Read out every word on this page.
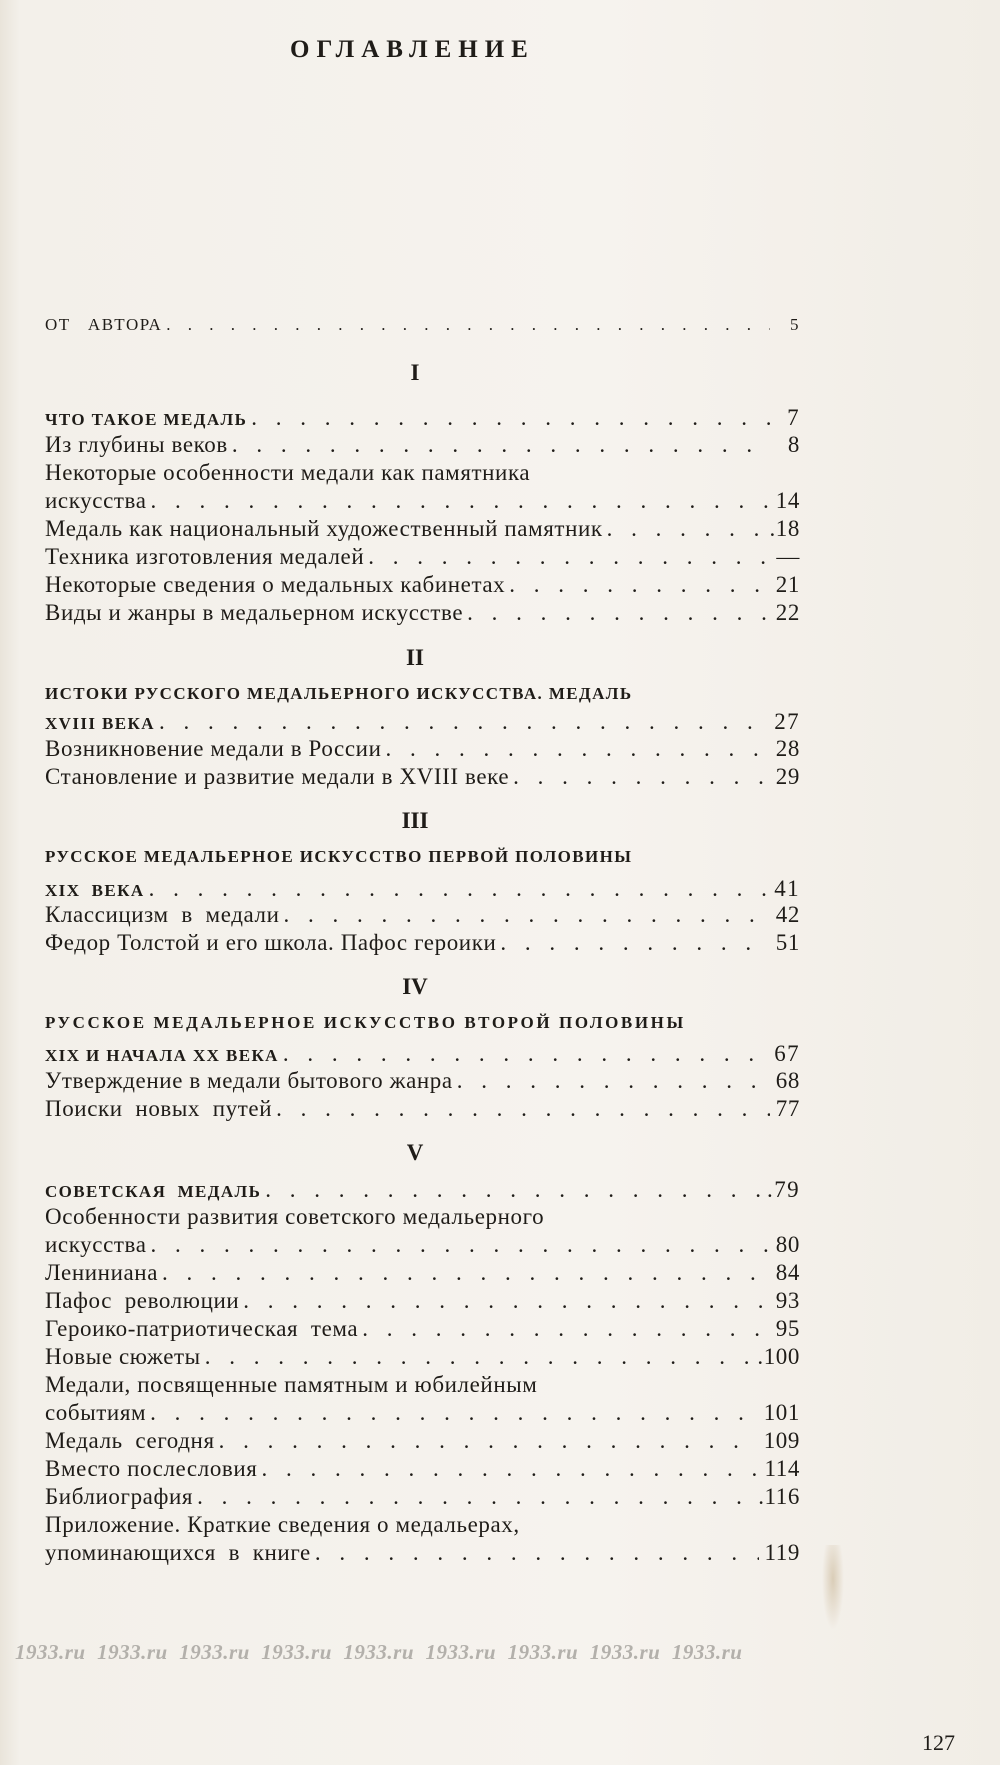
ОГЛАВЛЕНИЕ
ОТ   АВТОРА . . .	5
I
ЧТО ТАКОЕ МЕДАЛЬ . . .	7
Из глубины веков . . .	8
Некоторые особенности медали как памятника
искусства . . .	14
Медаль как национальный художественный памятник . . .	.18
Техника изготовления медалей . . .	—
Некоторые сведения о медальных кабинетах . . .	21
Виды и жанры в медальерном искусстве . . .	22
II
ИСТОКИ РУССКОГО МЕДАЛЬЕРНОГО ИСКУССТВА. МЕДАЛЬ
XVIII ВЕКА . . .	27
Возникновение медали в России . . .	28
Становление и развитие медали в XVIII веке . . .	29
III
РУССКОЕ МЕДАЛЬЕРНОЕ ИСКУССТВО ПЕРВОЙ ПОЛОВИНЫ
XIX  ВЕКА . . .	41
Классицизм  в  медали . . .	42
Федор Толстой и его школа. Пафос героики . . .	51
IV
РУССКОЕ МЕДАЛЬЕРНОЕ ИСКУССТВО ВТОРОЙ ПОЛОВИНЫ
XIX И НАЧАЛА XX ВЕКА . . .	67
Утверждение в медали бытового жанра . . .	68
Поиски  новых  путей . . .	77
V
СОВЕТСКАЯ  МЕДАЛЬ . . .	.79
Особенности развития советского медальерного
искусства . . .	80
Лениниана . . .	84
Пафос  революции . . .	93
Героико-патриотическая  тема . . .	95
Новые сюжеты . . .	.100
Медали, посвященные памятным и юбилейным
событиям . . .	101
Медаль  сегодня . . .	109
Вместо послесловия . . .	114
Библиография . . .	.116
Приложение. Краткие сведения о медальерах,
упоминающихся  в  книге . . .	119
1933.ru  1933.ru  1933.ru  1933.ru  1933.ru  1933.ru  1933.ru  1933.ru  1933.ru
127
